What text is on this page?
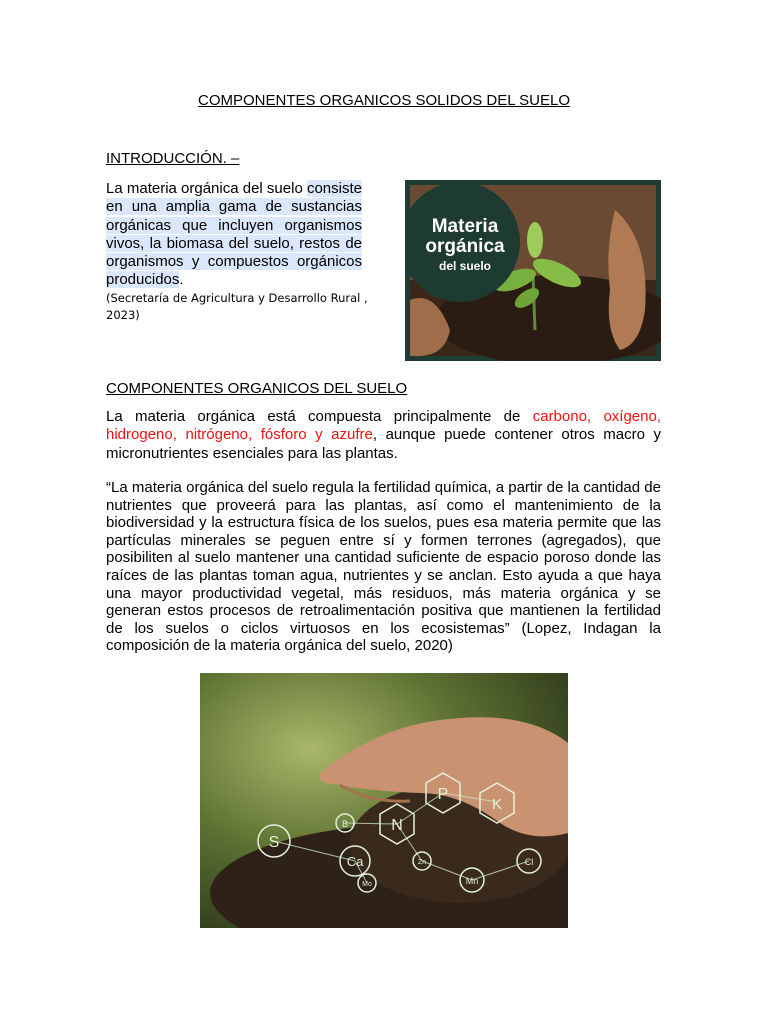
COMPONENTES ORGANICOS SOLIDOS DEL SUELO
INTRODUCCIÓN. –
La materia orgánica del suelo consiste en una amplia gama de sustancias orgánicas que incluyen organismos vivos, la biomasa del suelo, restos de organismos y compuestos orgánicos producidos.
(Secretaría de Agricultura y Desarrollo Rural , 2023)
Materia
orgánica
del suelo
COMPONENTES ORGANICOS DEL SUELO
La materia orgánica está compuesta principalmente de carbono, oxígeno, hidrogeno, nitrógeno, fósforo y azufre, aunque puede contener otros macro y micronutrientes esenciales para las plantas.
“La materia orgánica del suelo regula la fertilidad química, a partir de la cantidad de nutrientes que proveerá para las plantas, así como el mantenimiento de la biodiversidad y la estructura física de los suelos, pues esa materia permite que las partículas minerales se peguen entre sí y formen terrones (agregados), que posibiliten al suelo mantener una cantidad suficiente de espacio poroso donde las raíces de las plantas toman agua, nutrientes y se anclan. Esto ayuda a que haya una mayor productividad vegetal, más residuos, más materia orgánica y se generan estos procesos de retroalimentación positiva que mantienen la fertilidad de los suelos o ciclos virtuosos en los ecosistemas” (Lopez, Indagan la composición de la materia orgánica del suelo, 2020)
P
K
N
S
B
Ca
Mo
Zn
Mn
Cl
